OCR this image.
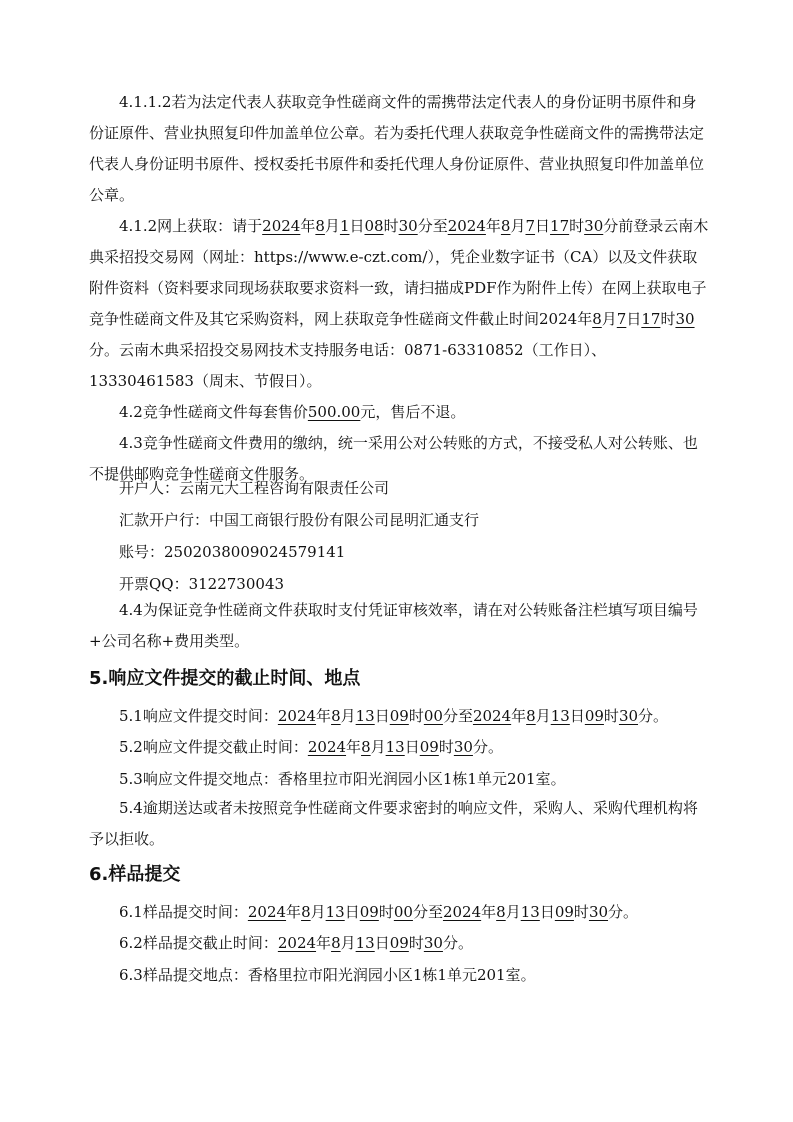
4.1.1.2若为法定代表人获取竞争性磋商文件的需携带法定代表人的身份证明书原件和身份证原件、营业执照复印件加盖单位公章。若为委托代理人获取竞争性磋商文件的需携带法定代表人身份证明书原件、授权委托书原件和委托代理人身份证原件、营业执照复印件加盖单位公章。

4.1.2网上获取：请于2024年8月1日08时30分至2024年8月7日17时30分前登录云南木典采招投交易网（网址：https://www.e-czt.com/），凭企业数字证书（CA）以及文件获取附件资料（资料要求同现场获取要求资料一致，请扫描成PDF作为附件上传）在网上获取电子竞争性磋商文件及其它采购资料，网上获取竞争性磋商文件截止时间2024年8月7日17时30分。云南木典采招投交易网技术支持服务电话：0871-63310852（工作日）、13330461583（周末、节假日）。

4.2竞争性磋商文件每套售价500.00元，售后不退。

4.3竞争性磋商文件费用的缴纳，统一采用公对公转账的方式，不接受私人对公转账、也不提供邮购竞争性磋商文件服务。

开户人：云南元大工程咨询有限责任公司

汇款开户行：中国工商银行股份有限公司昆明汇通支行

账号：2502038009024579141

开票QQ：3122730043

4.4为保证竞争性磋商文件获取时支付凭证审核效率，请在对公转账备注栏填写项目编号+公司名称+费用类型。

5.响应文件提交的截止时间、地点

5.1响应文件提交时间：2024年8月13日09时00分至2024年8月13日09时30分。

5.2响应文件提交截止时间：2024年8月13日09时30分。

5.3响应文件提交地点：香格里拉市阳光润园小区1栋1单元201室。

5.4逾期送达或者未按照竞争性磋商文件要求密封的响应文件，采购人、采购代理机构将予以拒收。

6.样品提交

6.1样品提交时间：2024年8月13日09时00分至2024年8月13日09时30分。

6.2样品提交截止时间：2024年8月13日09时30分。

6.3样品提交地点：香格里拉市阳光润园小区1栋1单元201室。
